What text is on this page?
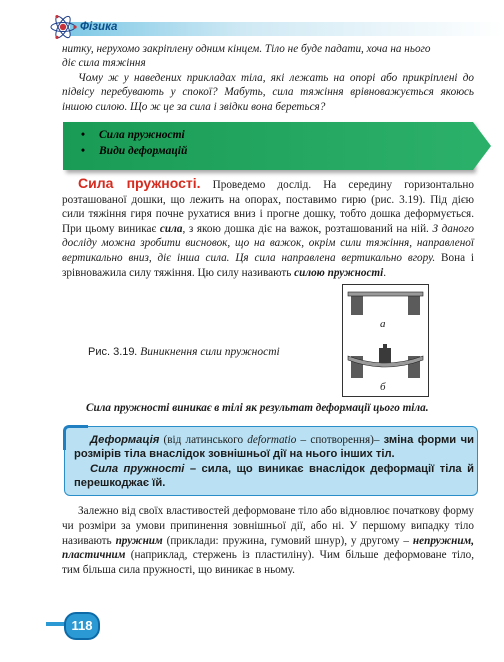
Фізика

нитку, нерухомо закріплену одним кінцем. Тіло не буде падати, хоча на нього
діє сила тяжіння

Чому ж у наведених прикладах тіла, які лежать на опорі або прикріплені до підвісу перебувають у спокої? Мабуть, сила тяжіння врівноважується якоюсь іншою силою. Що ж це за сила і звідки вона береться?

• Сила пружності
• Види деформацій

Сила пружності. Проведемо дослід. На середину горизонтально розташованої дошки, що лежить на опорах, поставимо гирю (рис. 3.19). Під дією сили тяжіння гиря почне рухатися вниз і прогне дошку, тобто дошка деформується. При цьому виникає сила, з якою дошка діє на важок, розташований на ній. З даного досліду можна зробити висновок, що на важок, окрім сили тяжіння, направленої вертикально вниз, діє інша сила. Ця сила направлена вертикально вгору. Вона і зрівноважила силу тяжіння. Цю силу називають силою пружності.

а
б
Рис. 3.19. Виникнення сили пружності
Сила пружності виникає в тілі як результат деформації цього тіла.

Деформація (від латинського deformatio – спотворення)– зміна форми чи розмірів тіла внаслідок зовнішньої дії на нього інших тіл.

Сила пружності – сила, що виникає внаслідок деформації тіла й перешкоджає їй.

Залежно від своїх властивостей деформоване тіло або відновлює початкову форму чи розміри за умови припинення зовнішньої дії, або ні. У першому випадку тіло називають пружним (приклади: пружина, гумовий шнур), у другому – непружним, пластичним (наприклад, стержень із пластиліну). Чим більше деформоване тіло, тим більша сила пружності, що виникає в ньому.

118
